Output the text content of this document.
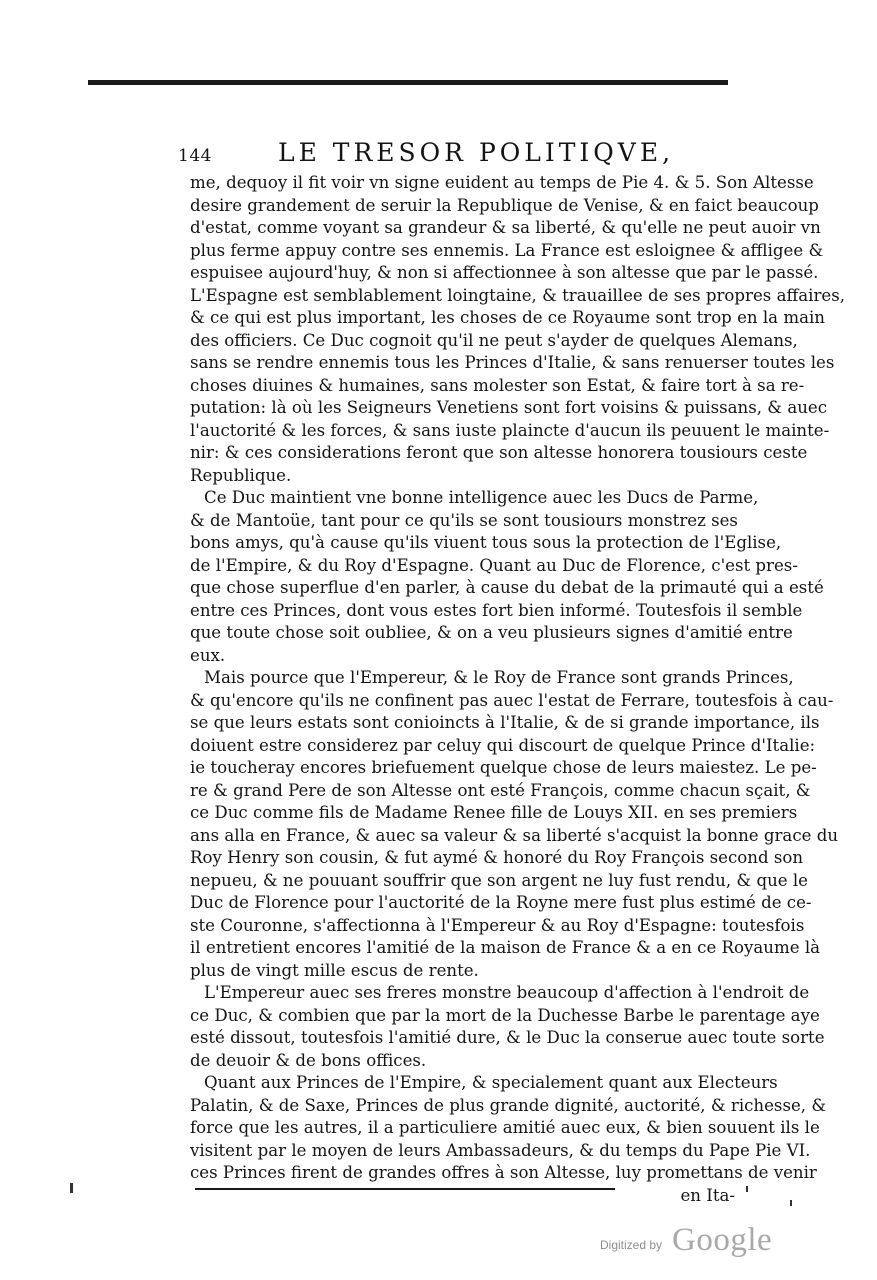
144	LE TRESOR POLITIQVE,
me, dequoy il fit voir vn signe euident au temps de Pie 4. & 5. Son Altesse
desire grandement de seruir la Republique de Venise, & en faict beaucoup
d'estat, comme voyant sa grandeur & sa liberté, & qu'elle ne peut auoir vn
plus ferme appuy contre ses ennemis. La France est esloignee & affligee &
espuisee aujourd'huy, & non si affectionnee à son altesse que par le passé.
L'Espagne est semblablement loingtaine, & trauaillee de ses propres affaires,
& ce qui est plus important, les choses de ce Royaume sont trop en la main
des officiers. Ce Duc cognoit qu'il ne peut s'ayder de quelques Alemans,
sans se rendre ennemis tous les Princes d'Italie, & sans renuerser toutes les
choses diuines & humaines, sans molester son Estat, & faire tort à sa re-
putation: là où les Seigneurs Venetiens sont fort voisins & puissans, & auec
l'auctorité & les forces, & sans iuste plaincte d'aucun ils peuuent le mainte-
nir: & ces considerations feront que son altesse honorera tousiours ceste
Republique.
Ce Duc maintient vne bonne intelligence auec les Ducs de Parme,
& de Mantoüe, tant pour ce qu'ils se sont tousiours monstrez ses
bons amys, qu'à cause qu'ils viuent tous sous la protection de l'Eglise,
de l'Empire, & du Roy d'Espagne. Quant au Duc de Florence, c'est pres-
que chose superflue d'en parler, à cause du debat de la primauté qui a esté
entre ces Princes, dont vous estes fort bien informé. Toutesfois il semble
que toute chose soit oubliee, & on a veu plusieurs signes d'amitié entre
eux.
Mais pource que l'Empereur, & le Roy de France sont grands Princes,
& qu'encore qu'ils ne confinent pas auec l'estat de Ferrare, toutesfois à cau-
se que leurs estats sont conioincts à l'Italie, & de si grande importance, ils
doiuent estre considerez par celuy qui discourt de quelque Prince d'Italie:
ie toucheray encores briefuement quelque chose de leurs maiestez. Le pe-
re & grand Pere de son Altesse ont esté François, comme chacun sçait, &
ce Duc comme fils de Madame Renee fille de Louys XII. en ses premiers
ans alla en France, & auec sa valeur & sa liberté s'acquist la bonne grace du
Roy Henry son cousin, & fut aymé & honoré du Roy François second son
nepueu, & ne pouuant souffrir que son argent ne luy fust rendu, & que le
Duc de Florence pour l'auctorité de la Royne mere fust plus estimé de ce-
ste Couronne, s'affectionna à l'Empereur & au Roy d'Espagne: toutesfois
il entretient encores l'amitié de la maison de France & a en ce Royaume là
plus de vingt mille escus de rente.
L'Empereur auec ses freres monstre beaucoup d'affection à l'endroit de
ce Duc, & combien que par la mort de la Duchesse Barbe le parentage aye
esté dissout, toutesfois l'amitié dure, & le Duc la conserue auec toute sorte
de deuoir & de bons offices.
Quant aux Princes de l'Empire, & specialement quant aux Electeurs
Palatin, & de Saxe, Princes de plus grande dignité, auctorité, & richesse, &
force que les autres, il a particuliere amitié auec eux, & bien souuent ils le
visitent par le moyen de leurs Ambassadeurs, & du temps du Pape Pie VI.
ces Princes firent de grandes offres à son Altesse, luy promettans de venir
en Ita-
Digitized by Google
